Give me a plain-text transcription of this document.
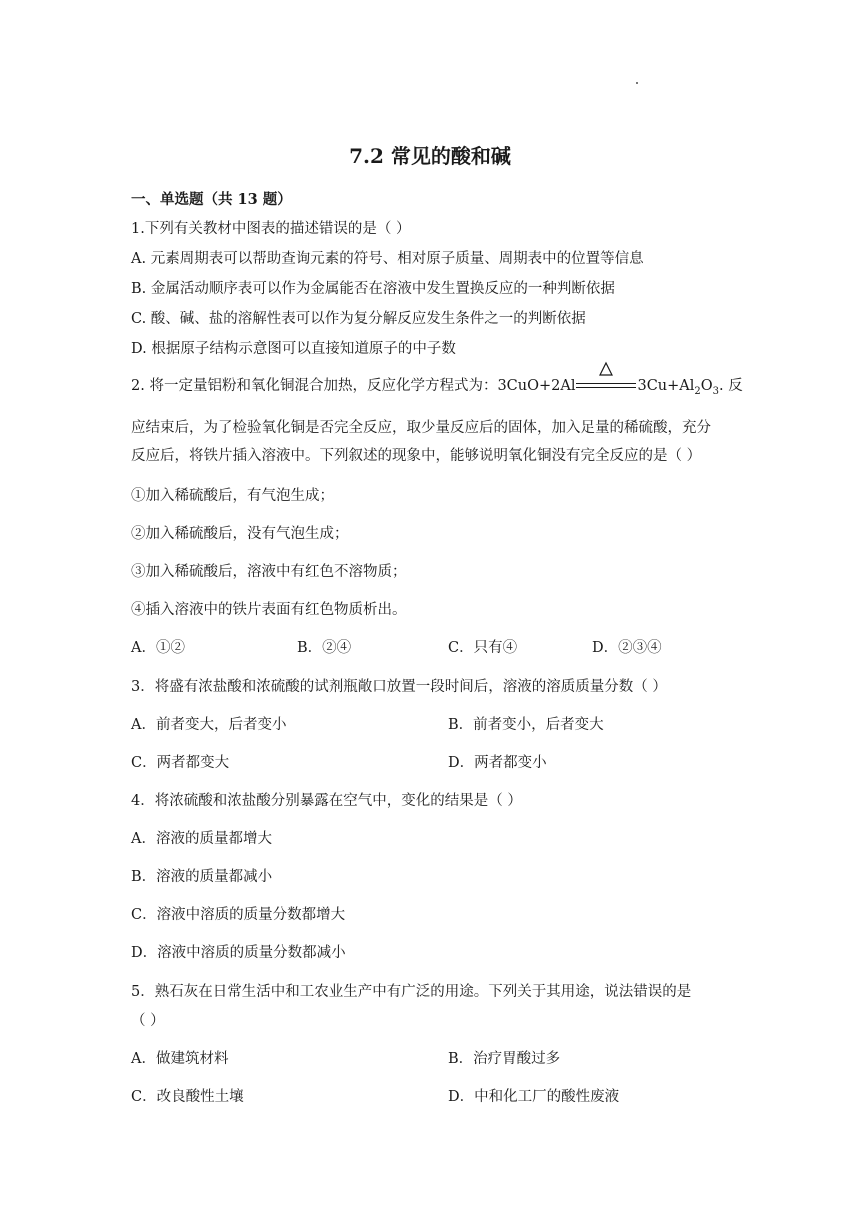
7.2 常见的酸和碱
一、单选题（共 13 题）
1.下列有关教材中图表的描述错误的是（ ）
A. 元素周期表可以帮助查询元素的符号、相对原子质量、周期表中的位置等信息
B. 金属活动顺序表可以作为金属能否在溶液中发生置换反应的一种判断依据
C. 酸、碱、盐的溶解性表可以作为复分解反应发生条件之一的判断依据
D. 根据原子结构示意图可以直接知道原子的中子数
2. 将一定量铝粉和氧化铜混合加热，反应化学方程式为：3CuO+2Al	$3Cu+Al_2O_3$. 反
应结束后，为了检验氧化铜是否完全反应，取少量反应后的固体，加入足量的稀硫酸，充分
反应后，将铁片插入溶液中。下列叙述的现象中，能够说明氧化铜没有完全反应的是（ ）
①加入稀硫酸后，有气泡生成；
②加入稀硫酸后，没有气泡生成；
③加入稀硫酸后，溶液中有红色不溶物质；
④插入溶液中的铁片表面有红色物质析出。
A．①②	B．②④	C．只有④	D．②③④
3．将盛有浓盐酸和浓硫酸的试剂瓶敞口放置一段时间后，溶液的溶质质量分数（ ）
A．前者变大，后者变小	B．前者变小，后者变大
C．两者都变大	D．两者都变小
4．将浓硫酸和浓盐酸分别暴露在空气中，变化的结果是（ ）
A．溶液的质量都增大
B．溶液的质量都减小
C．溶液中溶质的质量分数都增大
D．溶液中溶质的质量分数都减小
5．熟石灰在日常生活中和工农业生产中有广泛的用途。下列关于其用途，说法错误的是
（ ）
A．做建筑材料	B．治疗胃酸过多
C．改良酸性土壤	D．中和化工厂的酸性废液
